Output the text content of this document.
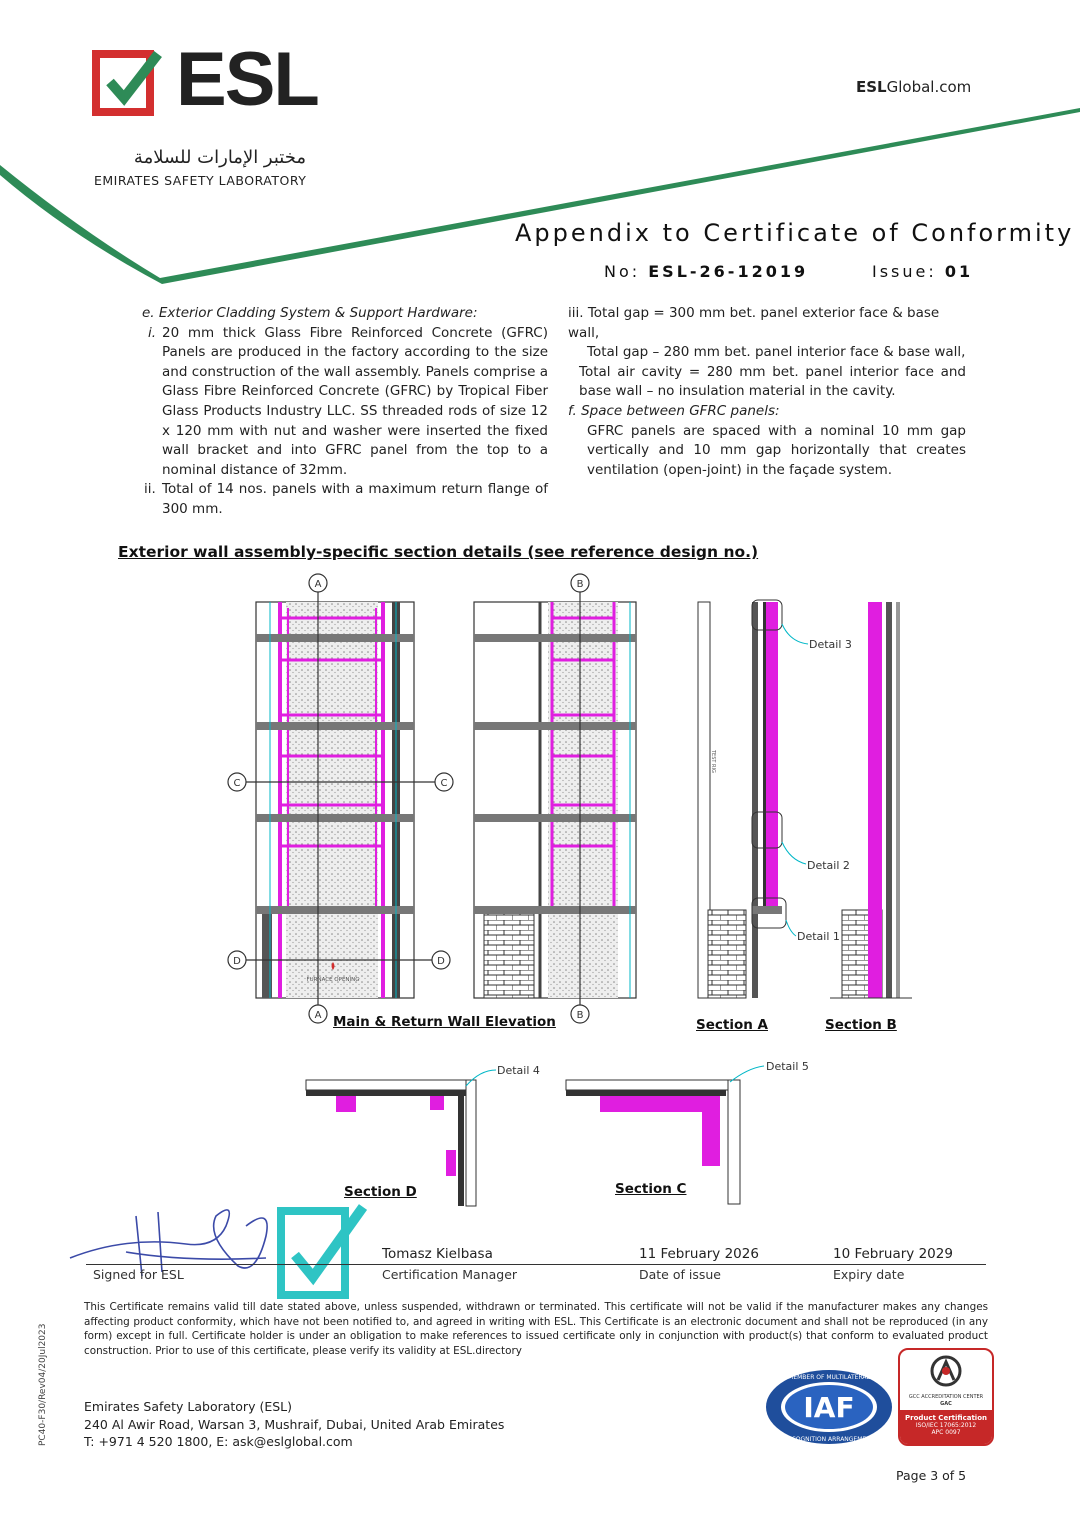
ESL
مختبر الإمارات للسلامة
EMIRATES SAFETY LABORATORY
ESLGlobal.com
Appendix to Certificate of Conformity
No: ESL-26-12019	Issue: 01

e. Exterior Cladding System & Support Hardware:

i. 20 mm thick Glass Fibre Reinforced Concrete (GFRC) Panels are produced in the factory according to the size and construction of the wall assembly. Panels comprise a Glass Fibre Reinforced Concrete (GFRC) by Tropical Fiber Glass Products Industry LLC. SS threaded rods of size 12 x 120 mm with nut and washer were inserted the fixed wall bracket and into GFRC panel from the top to a nominal distance of 32mm.

ii. Total of 14 nos. panels with a maximum return flange of 300 mm.

iii. Total gap = 300 mm bet. panel exterior face & base wall,

Total gap – 280 mm bet. panel interior face & base wall,

Total air cavity = 280 mm bet. panel interior face and base wall – no insulation material in the cavity.

f. Space between GFRC panels:

GFRC panels are spaced with a nominal 10 mm gap vertically and 10 mm gap horizontally that creates ventilation (open-joint) in the façade system.

Exterior wall assembly-specific section details (see reference design no.)
A	B
C	C
D	D
A	B
FURNACE OPENING
TEST RIG
Detail 3
Detail 2
Detail 1
Detail 4	Detail 5
Main & Return Wall Elevation	Section A	Section B
Section D	Section C
Signed for ESL
Tomasz Kielbasa
Certification Manager
11 February 2026
Date of issue
10 February 2029
Expiry date
This Certificate remains valid till date stated above, unless suspended, withdrawn or terminated. This certificate will not be valid if the manufacturer makes any changes affecting product conformity, which have not been notified to, and agreed in writing with ESL. This Certificate is an electronic document and shall not be reproduced (in any form) except in full. Certificate holder is under an obligation to make references to issued certificate only in conjunction with product(s) that conform to evaluated product construction. Prior to use of this certificate, please verify its validity at ESL.directory
Emirates Safety Laboratory (ESL)
240 Al Awir Road, Warsan 3, Mushraif, Dubai, United Arab Emirates
T: +971 4 520 1800, E: ask@eslglobal.com
PC40-F30/Rev04/20Jul2023	IAF
MEMBER OF MULTILATERAL
RECOGNITION ARRANGEMENT
GCC ACCREDITATION CENTER
GAC
Product Certification
ISO/IEC 17065:2012
APC 0097
Page 3 of 5
